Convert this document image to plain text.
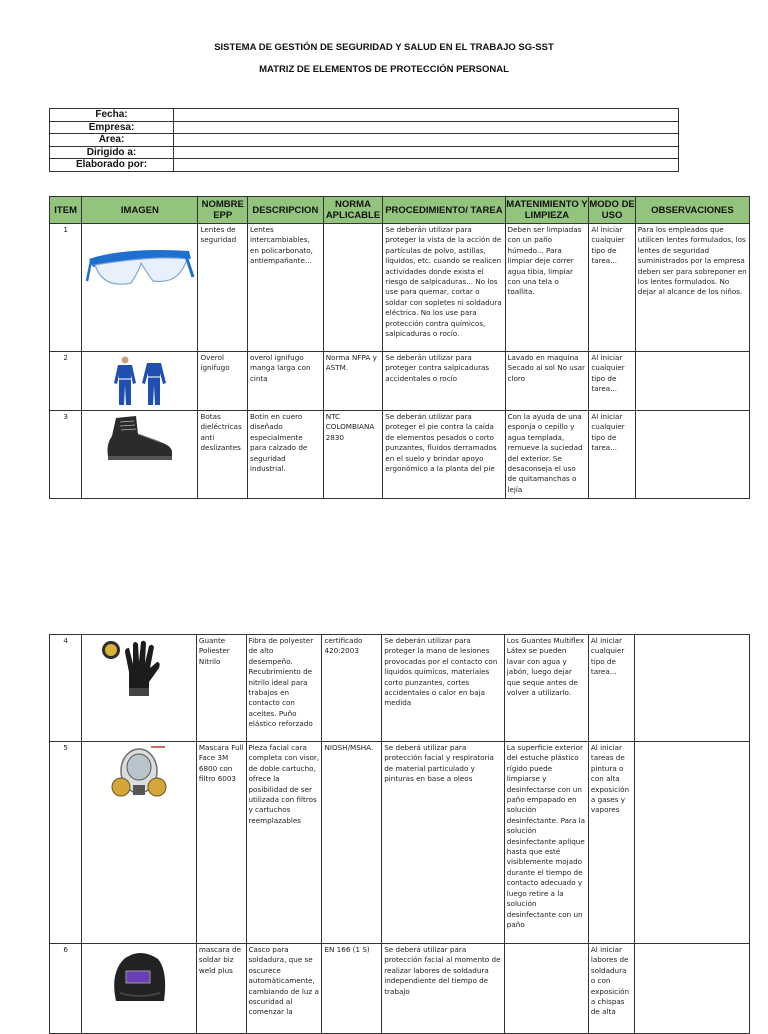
SISTEMA DE GESTIÓN DE SEGURIDAD Y SALUD EN EL TRABAJO SG-SST
MATRIZ DE ELEMENTOS DE PROTECCIÓN PERSONAL
Fecha:	
Empresa:	
Área:	
Dirigido a:	
Elaborado por:	
ITEM	IMAGEN	NOMBRE EPP	DESCRIPCION	NORMA APLICABLE	PROCEDIMIENTO/ TAREA	MATENIMIENTO Y LIMPIEZA	MODO DE USO	OBSERVACIONES
1		Lentes de seguridad	Lentes intercambiables, en policarbonato, antiempañante...		Se deberán utilizar para proteger la vista de la acción de partículas de polvo, astillas, líquidos, etc. cuando se realicen actividades donde exista el riesgo de salpicaduras... No los use para quemar, cortar o soldar con sopletes ni soldadura eléctrica. No los use para protección contra químicos, salpicaduras o rocío.	Deben ser limpiadas con un paño húmedo... Para limpiar deje correr agua tibia, limpiar con una tela o toallita.	Al iniciar cualquier tipo de tarea...	Para los empleados que utilicen lentes formulados, los lentes de seguridad suministrados por la empresa deben ser para sobreponer en los lentes formulados. No dejar al alcance de los niños.
2		Overol ignifugo	overol ignifugo manga larga con cinta	Norma NFPA y ASTM.	Se deberán utilizar para proteger contra salpicaduras accidentales o rocío	Lavado en maquina Secado al sol No usar cloro	Al iniciar cualquier tipo de tarea...	
3		Botas dieléctricas anti deslizantes	Botín en cuero diseñado especialmente para calzado de seguridad industrial.	NTC COLOMBIANA 2830	Se deberán utilizar para proteger el pie contra la caída de elementos pesados o corto punzantes, fluidos derramados en el suelo y brindar apoyo ergonómico a la planta del pie	Con la ayuda de una esponja o cepillo y agua templada, remueve la suciedad del exterior. Se desaconseja el uso de quitamanchas o lejía	Al iniciar cualquier tipo de tarea...	
4		Guante Poliester Nitrilo	Fibra de polyester de alto desempeño. Recubrimiento de nitrilo ideal para trabajos en contacto con aceites. Puño elástico reforzado	certificado 420:2003	Se deberán utilizar para proteger la mano de lesiones provocadas por el contacto con líquidos químicos, materiales corto punzantes, cortes accidentales o calor en baja medida	Los Guantes Multiflex Látex se pueden lavar con agua y jabón, luego dejar que seque antes de volver a utilizarlo.	Al iniciar cualquier tipo de tarea...	
5		Mascara Full Face 3M 6800 con filtro 6003	Pieza facial cara completa con visor, de doble cartucho, ofrece la posibilidad de ser utilizada con filtros y cartuchos reemplazables	NIOSH/MSHA.	Se deberá utilizar para protección facial y respiratoria de material particulado y pinturas en base a oleos	La superficie exterior del estuche plástico rígido puede limpiarse y desinfectarse con un paño empapado en solución desinfectante. Para la solución desinfectante aplique hasta que esté visiblemente mojado durante el tiempo de contacto adecuado y luego retire a la solución desinfectante con un paño	Al iniciar tareas de pintura o con alta exposición a gases y vapores	
6		mascara de soldar biz weld plus	Casco para soldadura, que se oscurece automáticamente, cambiando de luz a oscuridad al comenzar la	EN 166 (1 S)	Se deberá utilizar para protección facial al momento de realizar labores de soldadura independiente del tiempo de trabajo		Al iniciar labores de soldadura o con exposición a chispas de alta	
